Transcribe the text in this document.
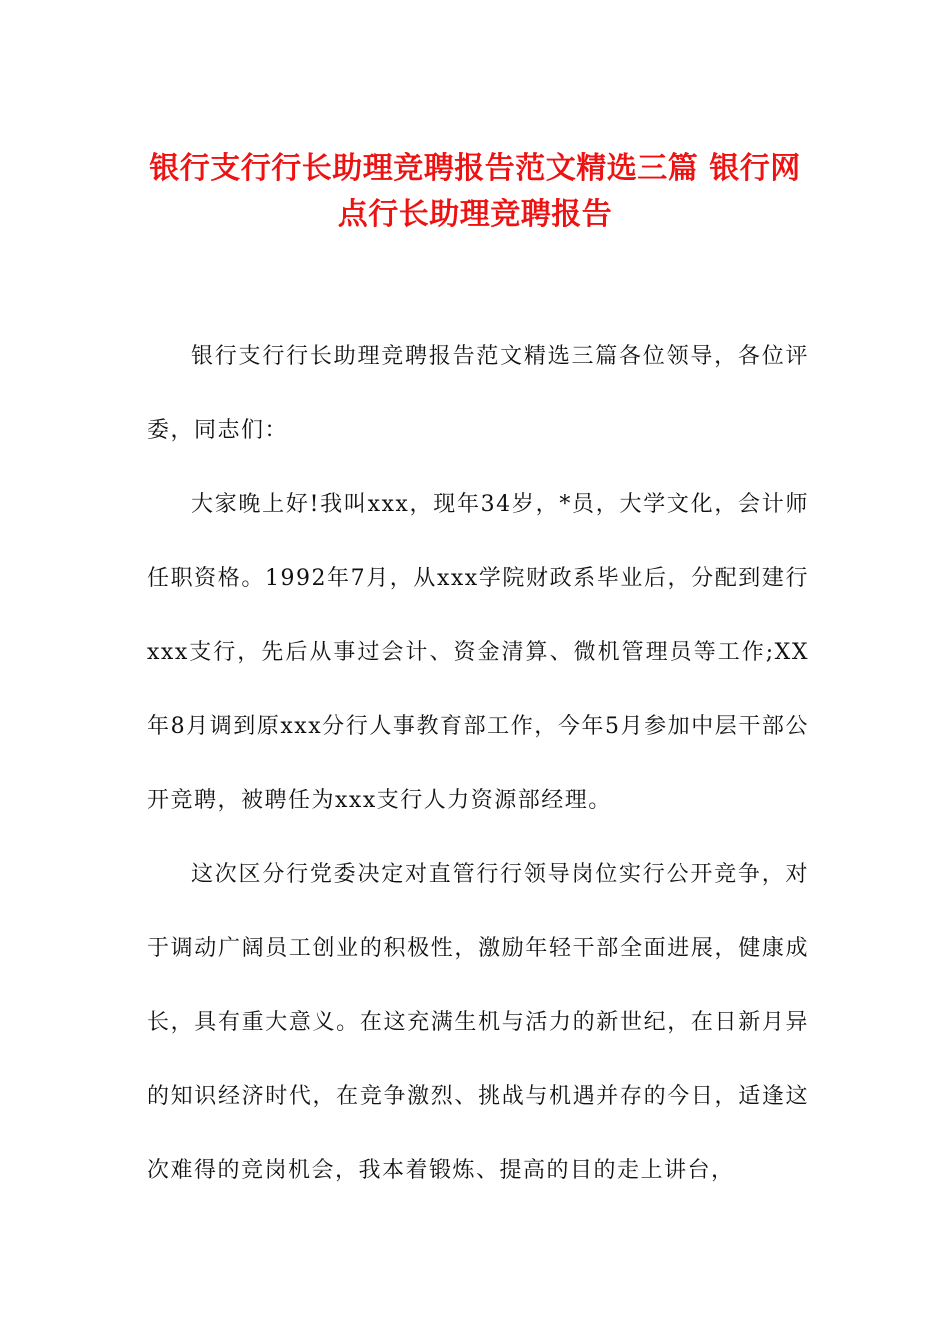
银行支行行长助理竞聘报告范文精选三篇 银行网点行长助理竞聘报告

银行支行行长助理竞聘报告范文精选三篇各位领导，各位评委，同志们：

大家晚上好!我叫xxx，现年34岁，*员，大学文化，会计师任职资格。1992年7月，从xxx学院财政系毕业后，分配到建行xxx支行，先后从事过会计、资金清算、微机管理员等工作;XX年8月调到原xxx分行人事教育部工作，今年5月参加中层干部公开竞聘，被聘任为xxx支行人力资源部经理。

这次区分行党委决定对直管行行领导岗位实行公开竞争，对于调动广阔员工创业的积极性，激励年轻干部全面进展，健康成长，具有重大意义。在这充满生机与活力的新世纪，在日新月异的知识经济时代，在竞争激烈、挑战与机遇并存的今日，适逢这次难得的竞岗机会，我本着锻炼、提高的目的走上讲台，
